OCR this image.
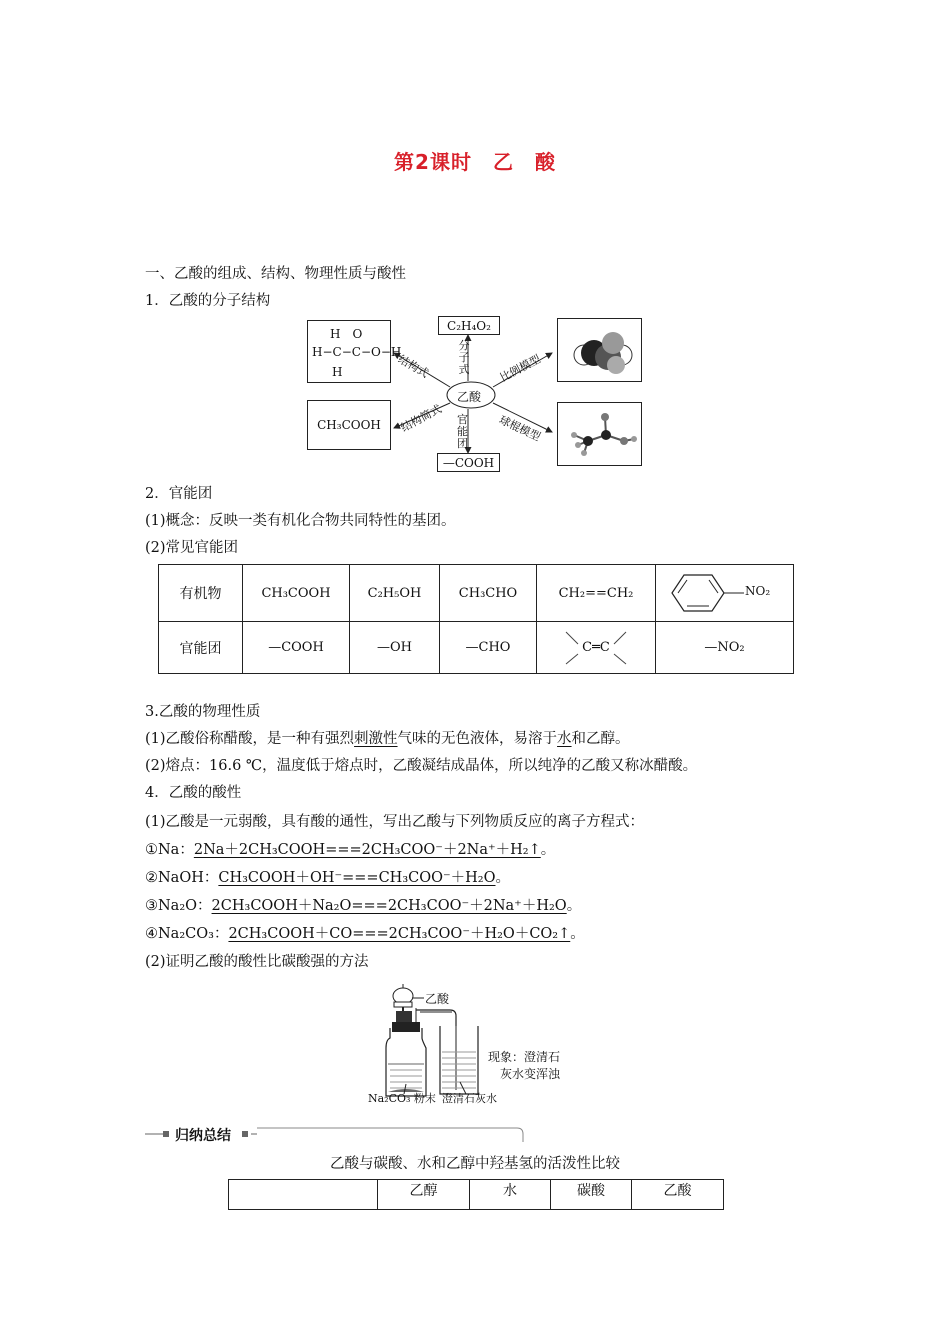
第2课时　乙　酸
一、乙酸的组成、结构、物理性质与酸性
1．乙酸的分子结构
乙酸
C₂H₄O₂
分子式
H　O
H−C−C−O−H
H	结构式
CH₃COOH	结构简式
—COOH
官能团
比例模型
球棍模型
2．官能团
(1)概念：反映一类有机化合物共同特性的基团。
(2)常见官能团
有机物	CH₃COOH	C₂H₅OH	CH₃CHO	CH₂==CH₂	NO₂

官能团	—COOH	—OH	—CHO	C═C	—NO₂
3.乙酸的物理性质
(1)乙酸俗称醋酸，是一种有强烈刺激性气味的无色液体，易溶于水和乙醇。
(2)熔点：16.6 ℃，温度低于熔点时，乙酸凝结成晶体，所以纯净的乙酸又称冰醋酸。
4．乙酸的酸性
(1)乙酸是一元弱酸，具有酸的通性，写出乙酸与下列物质反应的离子方程式：
①Na：2Na＋2CH₃COOH===2CH₃COO⁻＋2Na⁺＋H₂↑。
②NaOH：CH₃COOH＋OH⁻===CH₃COO⁻＋H₂O。
③Na₂O：2CH₃COOH＋Na₂O===2CH₃COO⁻＋2Na⁺＋H₂O。
④Na₂CO₃：2CH₃COOH＋CO===2CH₃COO⁻＋H₂O＋CO₂↑。
(2)证明乙酸的酸性比碳酸强的方法
乙酸
现象：澄清石
灰水变浑浊
Na₂CO₃ 粉末 澄清石灰水
归纳总结
乙酸与碳酸、水和乙醇中羟基氢的活泼性比较
	乙醇	水	碳酸	乙酸
